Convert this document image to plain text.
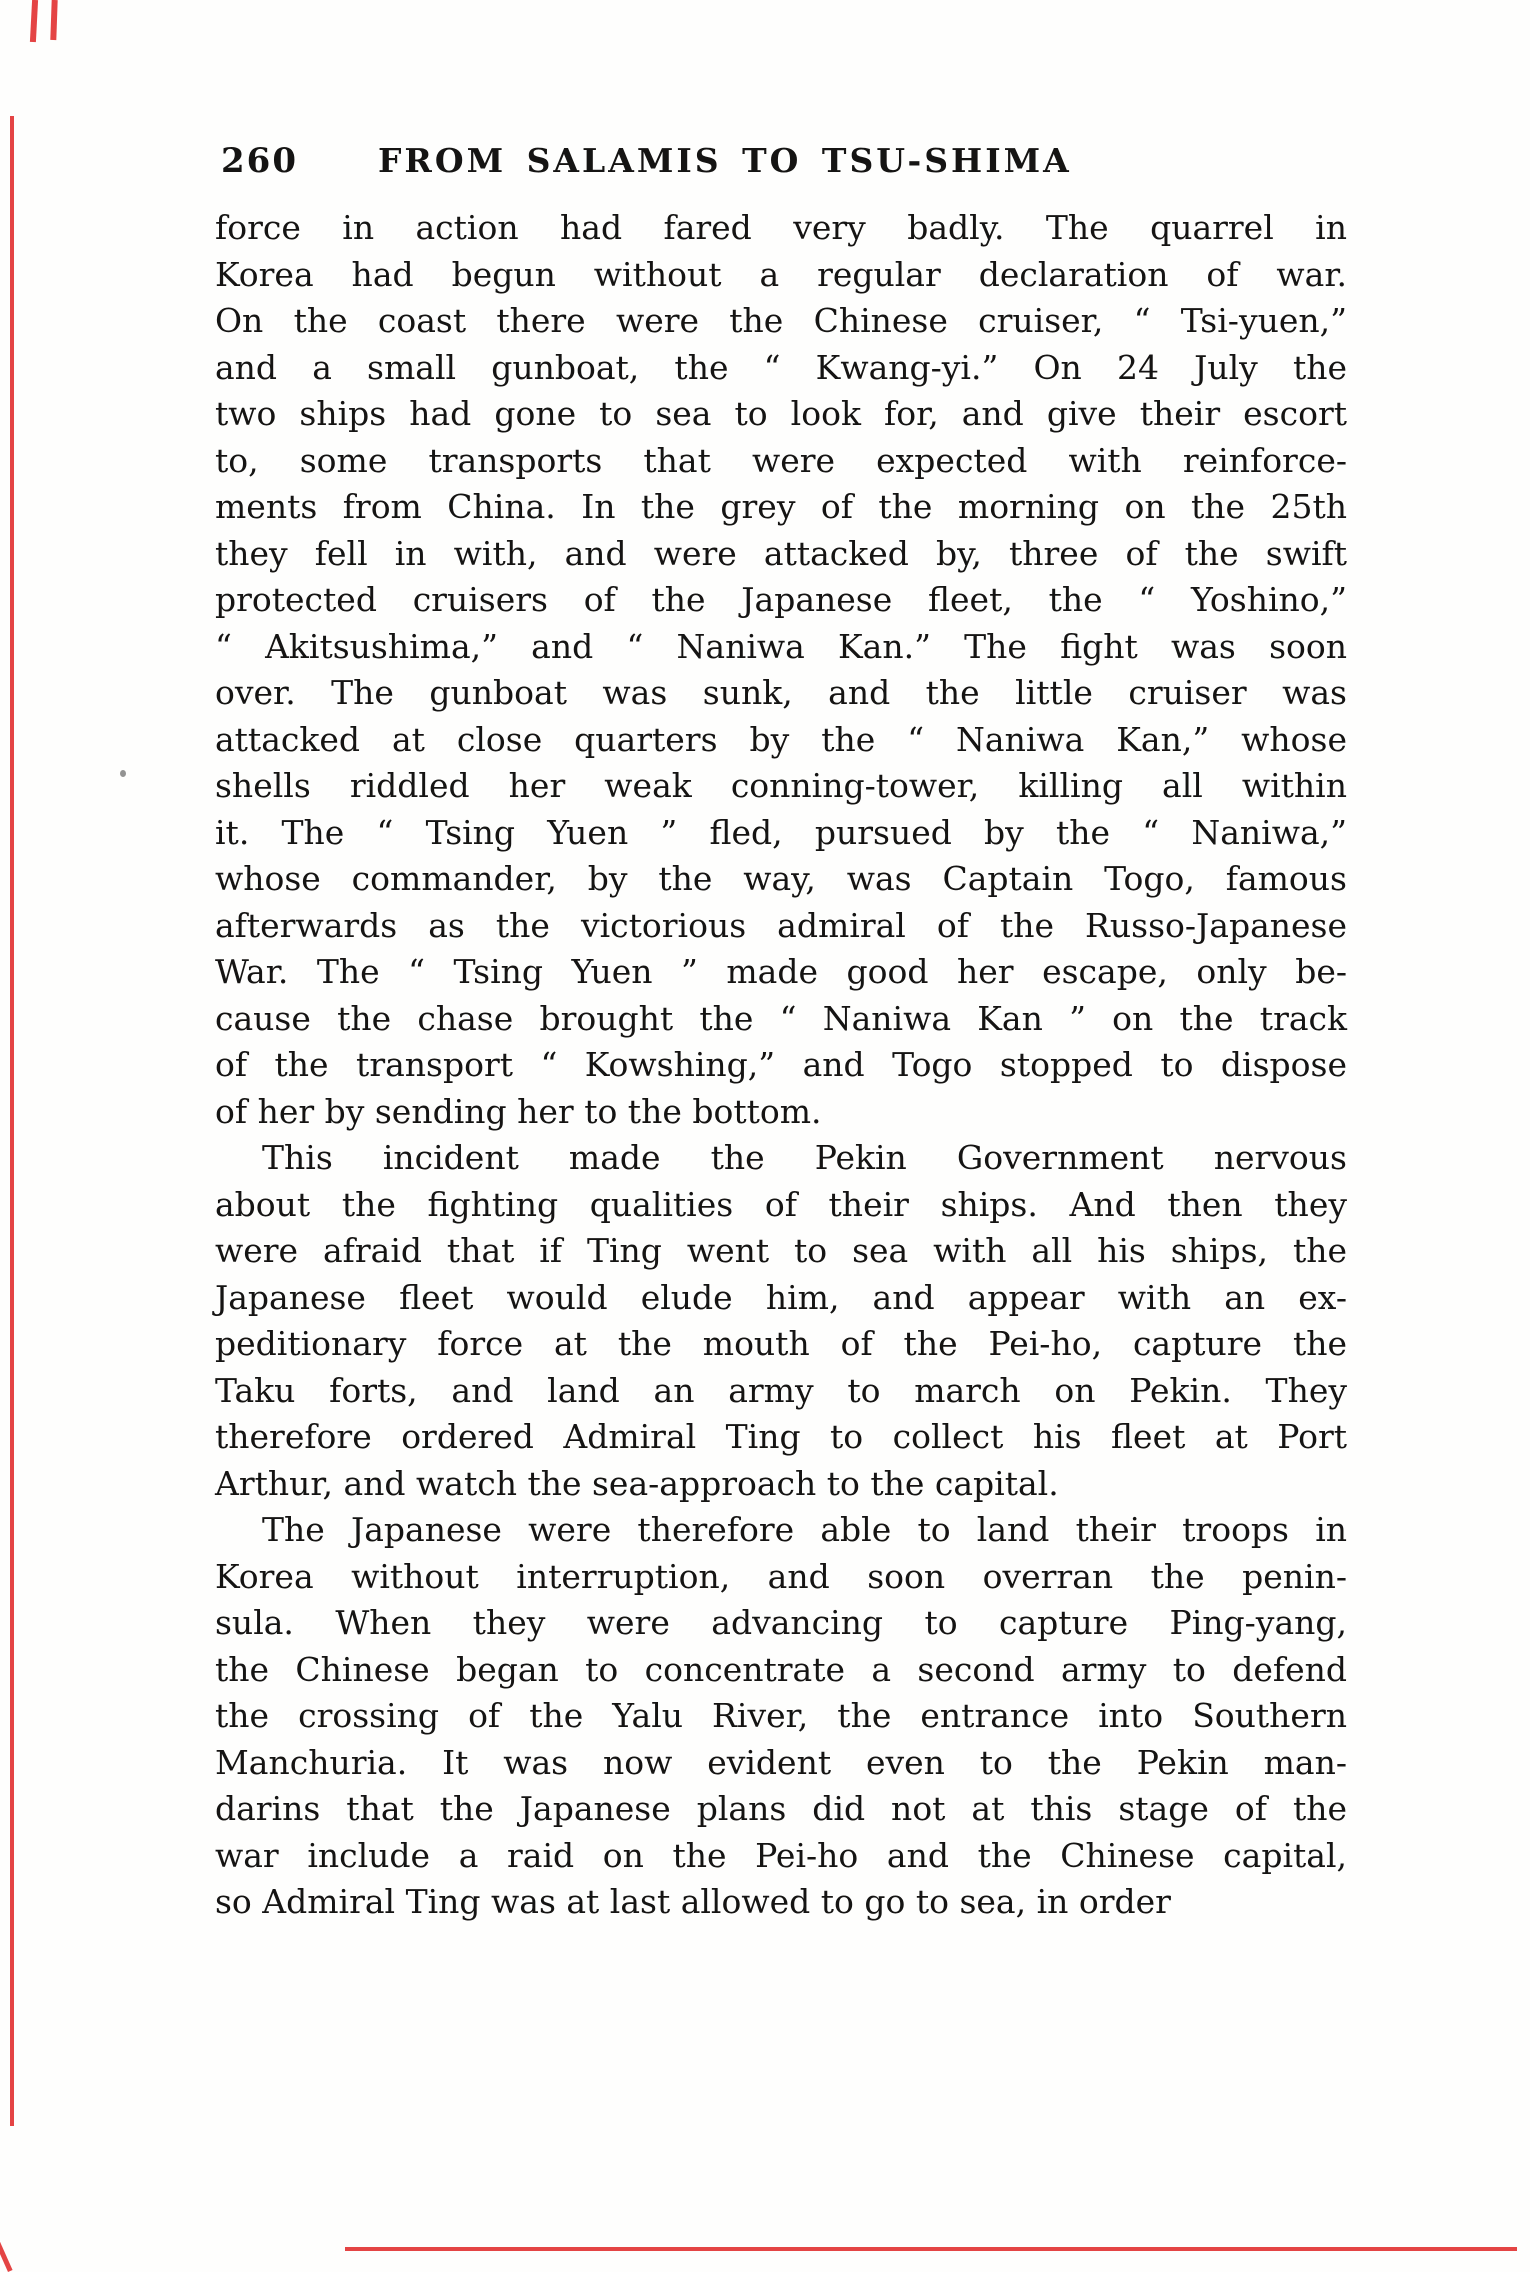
260 FROM SALAMIS TO TSU-SHIMA
force in action had fared very badly. The quarrel in
Korea had begun without a regular declaration of war.
On the coast there were the Chinese cruiser, “ Tsi-yuen,”
and a small gunboat, the “ Kwang-yi.” On 24 July the
two ships had gone to sea to look for, and give their escort
to, some transports that were expected with reinforce-
ments from China. In the grey of the morning on the 25th
they fell in with, and were attacked by, three of the swift
protected cruisers of the Japanese fleet, the “ Yoshino,”
“ Akitsushima,” and “ Naniwa Kan.” The fight was soon
over. The gunboat was sunk, and the little cruiser was
attacked at close quarters by the “ Naniwa Kan,” whose
shells riddled her weak conning-tower, killing all within
it. The “ Tsing Yuen ” fled, pursued by the “ Naniwa,”
whose commander, by the way, was Captain Togo, famous
afterwards as the victorious admiral of the Russo-Japanese
War. The “ Tsing Yuen ” made good her escape, only be-
cause the chase brought the “ Naniwa Kan ” on the track
of the transport “ Kowshing,” and Togo stopped to dispose
of her by sending her to the bottom.
This incident made the Pekin Government nervous
about the fighting qualities of their ships. And then they
were afraid that if Ting went to sea with all his ships, the
Japanese fleet would elude him, and appear with an ex-
peditionary force at the mouth of the Pei-ho, capture the
Taku forts, and land an army to march on Pekin. They
therefore ordered Admiral Ting to collect his fleet at Port
Arthur, and watch the sea-approach to the capital.
The Japanese were therefore able to land their troops in
Korea without interruption, and soon overran the penin-
sula. When they were advancing to capture Ping-yang,
the Chinese began to concentrate a second army to defend
the crossing of the Yalu River, the entrance into Southern
Manchuria. It was now evident even to the Pekin man-
darins that the Japanese plans did not at this stage of the
war include a raid on the Pei-ho and the Chinese capital,
so Admiral Ting was at last allowed to go to sea, in order
